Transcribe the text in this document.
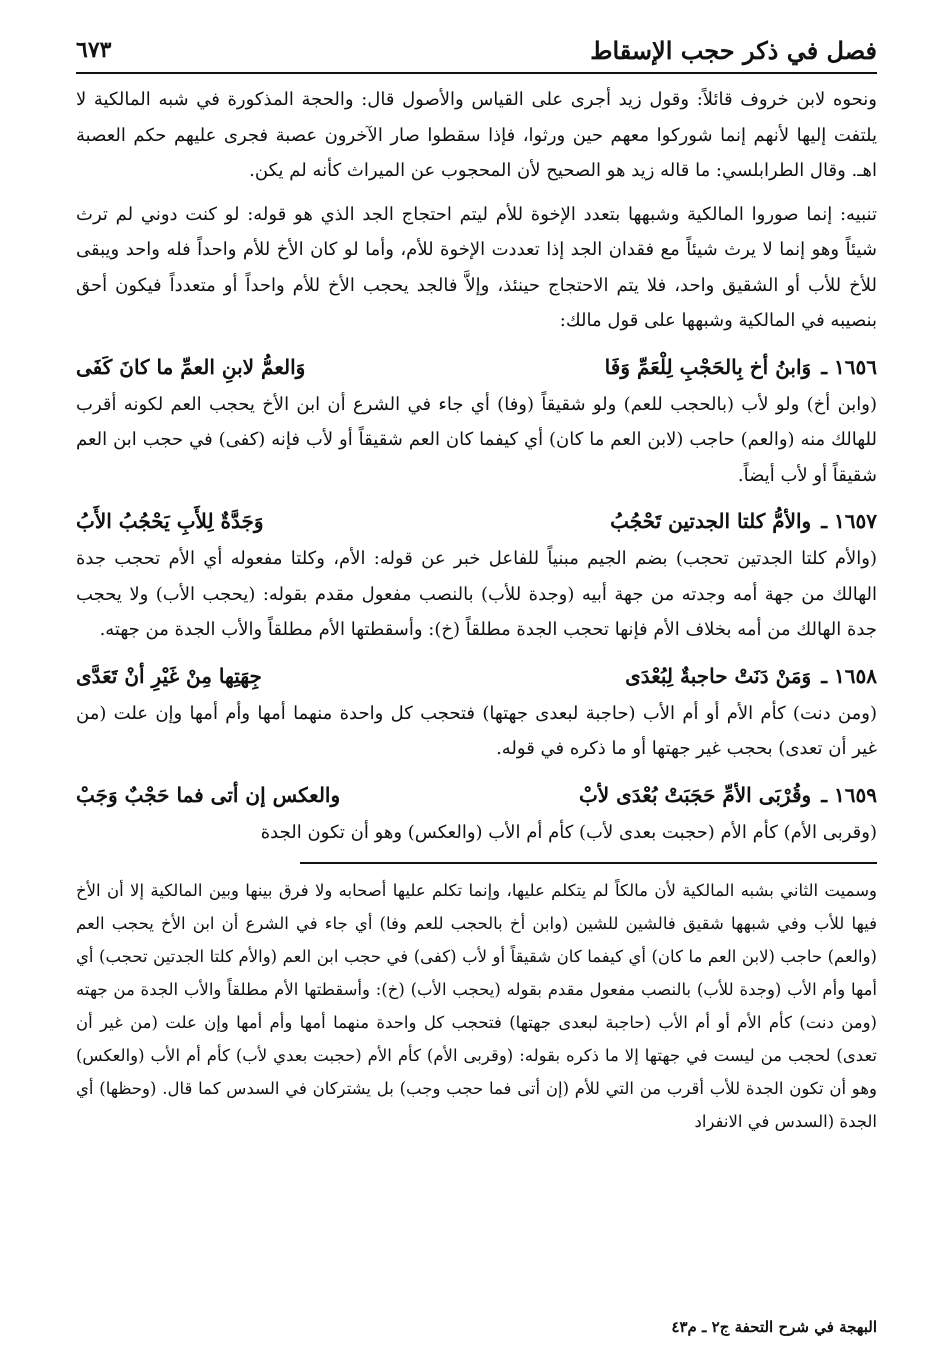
فصل في ذكر حجب الإسقاط
٦٧٣

ونحوه لابن خروف قائلاً: وقول زيد أجرى على القياس والأصول قال: والحجة المذكورة في شبه المالكية لا يلتفت إليها لأنهم إنما شوركوا معهم حين ورثوا، فإذا سقطوا صار الآخرون عصبة فجرى عليهم حكم العصبة اهـ. وقال الطرابلسي: ما قاله زيد هو الصحيح لأن المحجوب عن الميراث كأنه لم يكن.

تنبيه: إنما صوروا المالكية وشبهها بتعدد الإخوة للأم ليتم احتجاج الجد الذي هو قوله: لو كنت دوني لم ترث شيئاً وهو إنما لا يرث شيئاً مع فقدان الجد إذا تعددت الإخوة للأم، وأما لو كان الأخ للأم واحداً فله واحد ويبقى للأخ للأب أو الشقيق واحد، فلا يتم الاحتجاج حينئذ، وإلاَّ فالجد يحجب الأخ للأم واحداً أو متعدداً فيكون أحق بنصيبه في المالكية وشبهها على قول مالك:

١٦٥٦ ـ
وَابنُ أخ بِالحَجْبِ لِلْعَمِّ وَفَا
وَالعمُّ لابنِ العمِّ ما كانَ كَفَى

(وابن أخ) ولو لأب (بالحجب للعم) ولو شقيقاً (وفا) أي جاء في الشرع أن ابن الأخ يحجب العم لكونه أقرب للهالك منه (والعم) حاجب (لابن العم ما كان) أي كيفما كان العم شقيقاً أو لأب فإنه (كفى) في حجب ابن العم شقيقاً أو لأب أيضاً.

١٦٥٧ ـ
والأمُّ كلتا الجدتين تَحْجُبُ
وَجَدَّةٌ لِلأَبِ يَحْجُبُ الأَبُ

(والأم كلتا الجدتين تحجب) بضم الجيم مبنياً للفاعل خبر عن قوله: الأم، وكلتا مفعوله أي الأم تحجب جدة الهالك من جهة أمه وجدته من جهة أبيه (وجدة للأب) بالنصب مفعول مقدم بقوله: (يحجب الأب) ولا يحجب جدة الهالك من أمه بخلاف الأم فإنها تحجب الجدة مطلقاً (خ): وأسقطتها الأم مطلقاً والأب الجدة من جهته.

١٦٥٨ ـ
وَمَنْ دَنَتْ حاجبةٌ لِبُعْدَى
جِهَتِها مِنْ غَيْرِ أنْ تَعَدَّى

(ومن دنت) كأم الأم أو أم الأب (حاجبة لبعدى جهتها) فتحجب كل واحدة منهما أمها وأم أمها وإن علت (من غير أن تعدى) بحجب غير جهتها أو ما ذكره في قوله.

١٦٥٩ ـ
وقُرْبَى الأمِّ حَجَبَتْ بُعْدَى لأبْ
والعكس إن أتى فما حَجْبٌ وَجَبْ

(وقربى الأم) كأم الأم (حجبت بعدى لأب) كأم أم الأب (والعكس) وهو أن تكون الجدة

وسميت الثاني بشبه المالكية لأن مالكاً لم يتكلم عليها، وإنما تكلم عليها أصحابه ولا فرق بينها وبين المالكية إلا أن الأخ فيها للأب وفي شبهها شقيق فالشين للشين (وابن أخ بالحجب للعم وفا) أي جاء في الشرع أن ابن الأخ يحجب العم (والعم) حاجب (لابن العم ما كان) أي كيفما كان شقيقاً أو لأب (كفى) في حجب ابن العم (والأم كلتا الجدتين تحجب) أي أمها وأم الأب (وجدة للأب) بالنصب مفعول مقدم بقوله (يحجب الأب) (خ): وأسقطتها الأم مطلقاً والأب الجدة من جهته (ومن دنت) كأم الأم أو أم الأب (حاجبة لبعدى جهتها) فتحجب كل واحدة منهما أمها وأم أمها وإن علت (من غير أن تعدى) لحجب من ليست في جهتها إلا ما ذكره بقوله: (وقربى الأم) كأم الأم (حجبت بعدي لأب) كأم أم الأب (والعكس) وهو أن تكون الجدة للأب أقرب من التي للأم (إن أتى فما حجب وجب) بل يشتركان في السدس كما قال. (وحظها) أي الجدة (السدس في الانفراد

البهجة في شرح التحفة ج٢ ـ م٤٣
